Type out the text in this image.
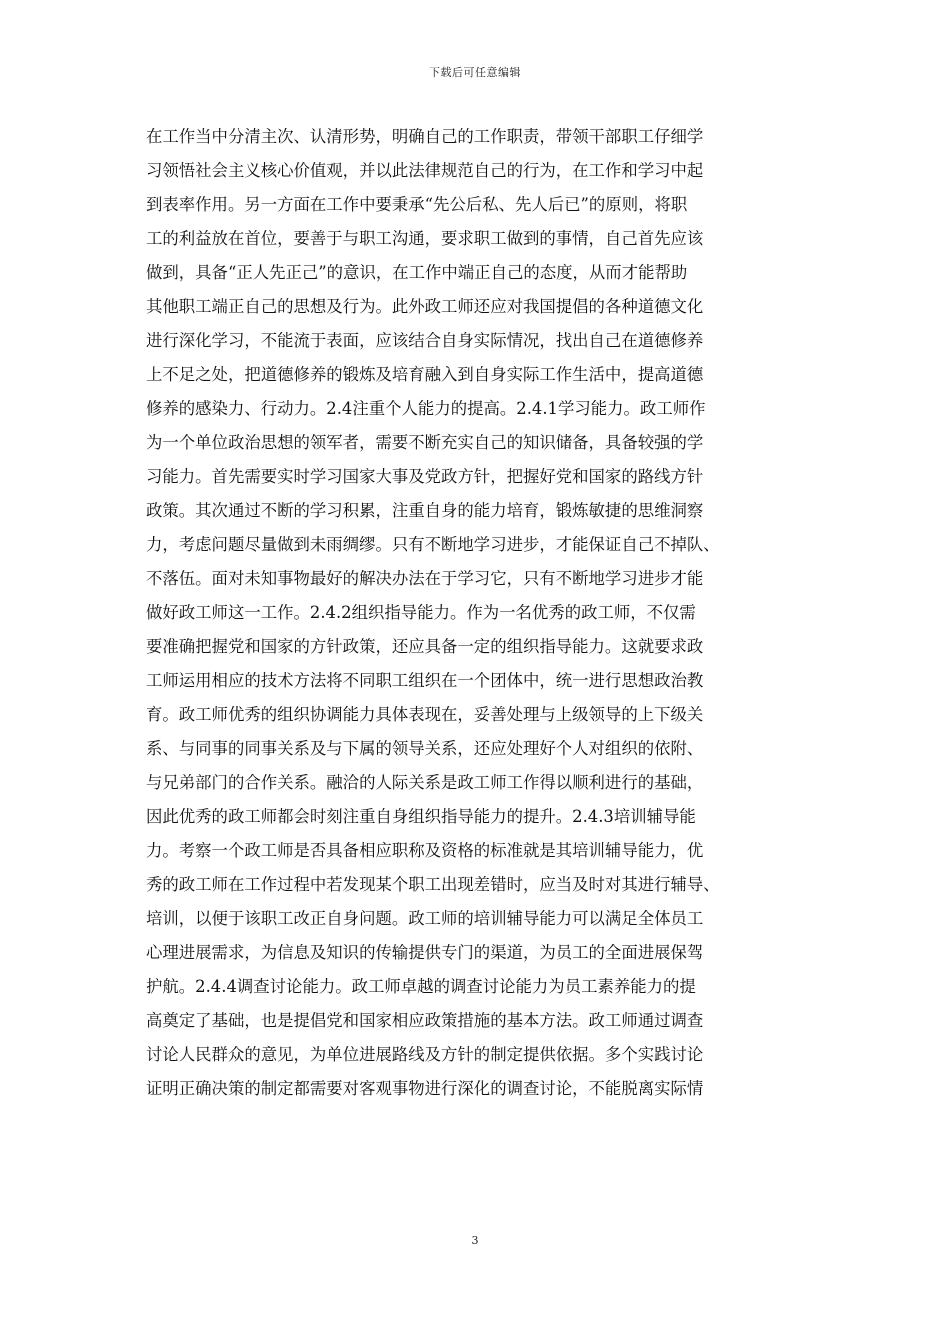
下载后可任意编辑
在工作当中分清主次、认清形势，明确自己的工作职责，带领干部职工仔细学
习领悟社会主义核心价值观，并以此法律规范自己的行为，在工作和学习中起
到表率作用。另一方面在工作中要秉承“先公后私、先人后已”的原则，将职
工的利益放在首位，要善于与职工沟通，要求职工做到的事情，自己首先应该
做到，具备“正人先正己”的意识，在工作中端正自己的态度，从而才能帮助
其他职工端正自己的思想及行为。此外政工师还应对我国提倡的各种道德文化
进行深化学习，不能流于表面，应该结合自身实际情况，找出自己在道德修养
上不足之处，把道德修养的锻炼及培育融入到自身实际工作生活中，提高道德
修养的感染力、行动力。2.4注重个人能力的提高。2.4.1学习能力。政工师作
为一个单位政治思想的领军者，需要不断充实自己的知识储备，具备较强的学
习能力。首先需要实时学习国家大事及党政方针，把握好党和国家的路线方针
政策。其次通过不断的学习积累，注重自身的能力培育，锻炼敏捷的思维洞察
力，考虑问题尽量做到未雨绸缪。只有不断地学习进步，才能保证自己不掉队、
不落伍。面对未知事物最好的解决办法在于学习它，只有不断地学习进步才能
做好政工师这一工作。2.4.2组织指导能力。作为一名优秀的政工师，不仅需
要准确把握党和国家的方针政策，还应具备一定的组织指导能力。这就要求政
工师运用相应的技术方法将不同职工组织在一个团体中，统一进行思想政治教
育。政工师优秀的组织协调能力具体表现在，妥善处理与上级领导的上下级关
系、与同事的同事关系及与下属的领导关系，还应处理好个人对组织的依附、
与兄弟部门的合作关系。融洽的人际关系是政工师工作得以顺利进行的基础，
因此优秀的政工师都会时刻注重自身组织指导能力的提升。2.4.3培训辅导能
力。考察一个政工师是否具备相应职称及资格的标准就是其培训辅导能力，优
秀的政工师在工作过程中若发现某个职工出现差错时，应当及时对其进行辅导、
培训，以便于该职工改正自身问题。政工师的培训辅导能力可以满足全体员工
心理进展需求，为信息及知识的传输提供专门的渠道，为员工的全面进展保驾
护航。2.4.4调查讨论能力。政工师卓越的调查讨论能力为员工素养能力的提
高奠定了基础，也是提倡党和国家相应政策措施的基本方法。政工师通过调查
讨论人民群众的意见，为单位进展路线及方针的制定提供依据。多个实践讨论
证明正确决策的制定都需要对客观事物进行深化的调查讨论，不能脱离实际情
3
